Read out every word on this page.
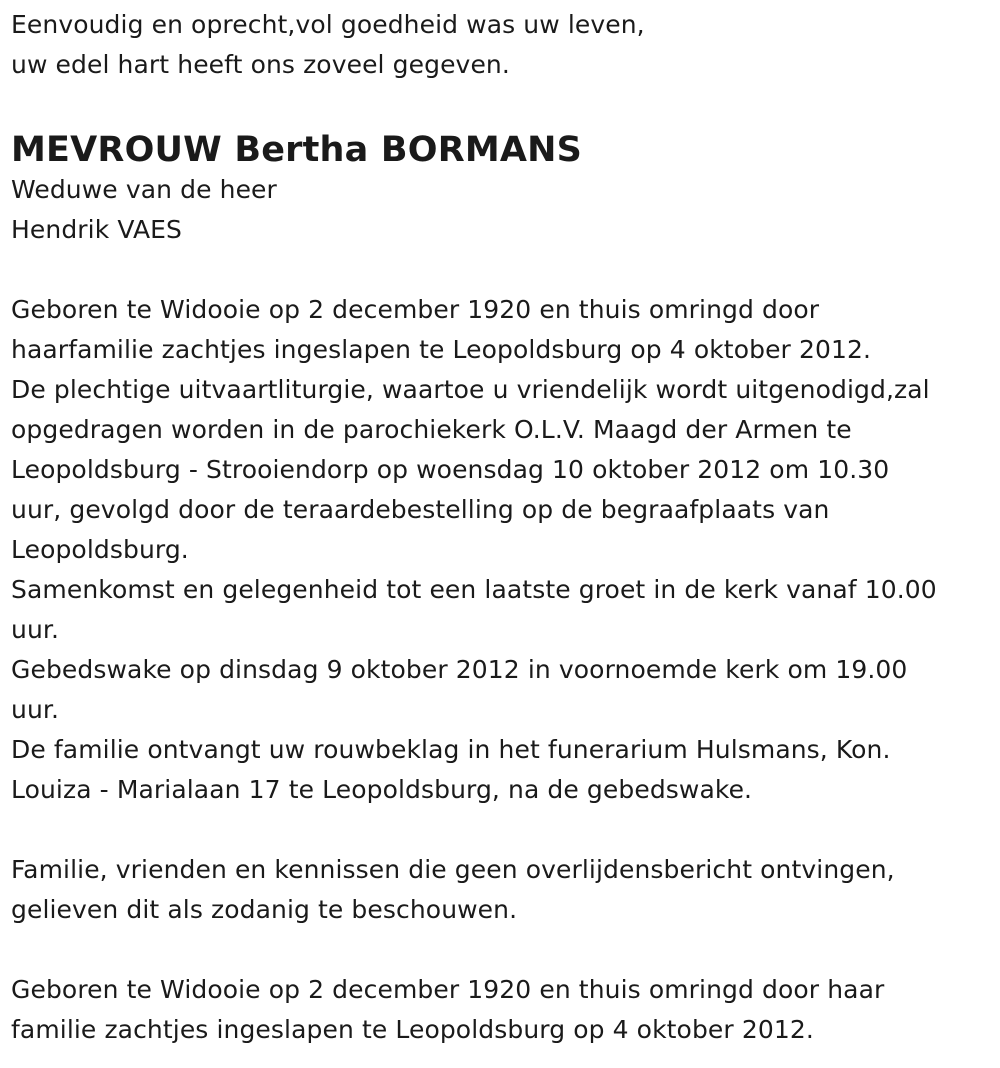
Eenvoudig en oprecht,vol goedheid was uw leven,
uw edel hart heeft ons zoveel gegeven.
MEVROUW Bertha BORMANS
Weduwe van de heer
Hendrik VAES
Geboren te Widooie op 2 december 1920 en thuis omringd door
haarfamilie zachtjes ingeslapen te Leopoldsburg op 4 oktober 2012.
De plechtige uitvaartliturgie, waartoe u vriendelijk wordt uitgenodigd,zal
opgedragen worden in de parochiekerk O.L.V. Maagd der Armen te
Leopoldsburg - Strooiendorp op woensdag 10 oktober 2012 om 10.30
uur, gevolgd door de teraardebestelling op de begraafplaats van
Leopoldsburg.
Samenkomst en gelegenheid tot een laatste groet in de kerk vanaf 10.00
uur.
Gebedswake op dinsdag 9 oktober 2012 in voornoemde kerk om 19.00
uur.
De familie ontvangt uw rouwbeklag in het funerarium Hulsmans, Kon.
Louiza - Marialaan 17 te Leopoldsburg, na de gebedswake.
Familie, vrienden en kennissen die geen overlijdensbericht ontvingen,
gelieven dit als zodanig te beschouwen.
Geboren te Widooie op 2 december 1920 en thuis omringd door haar
familie zachtjes ingeslapen te Leopoldsburg op 4 oktober 2012.
